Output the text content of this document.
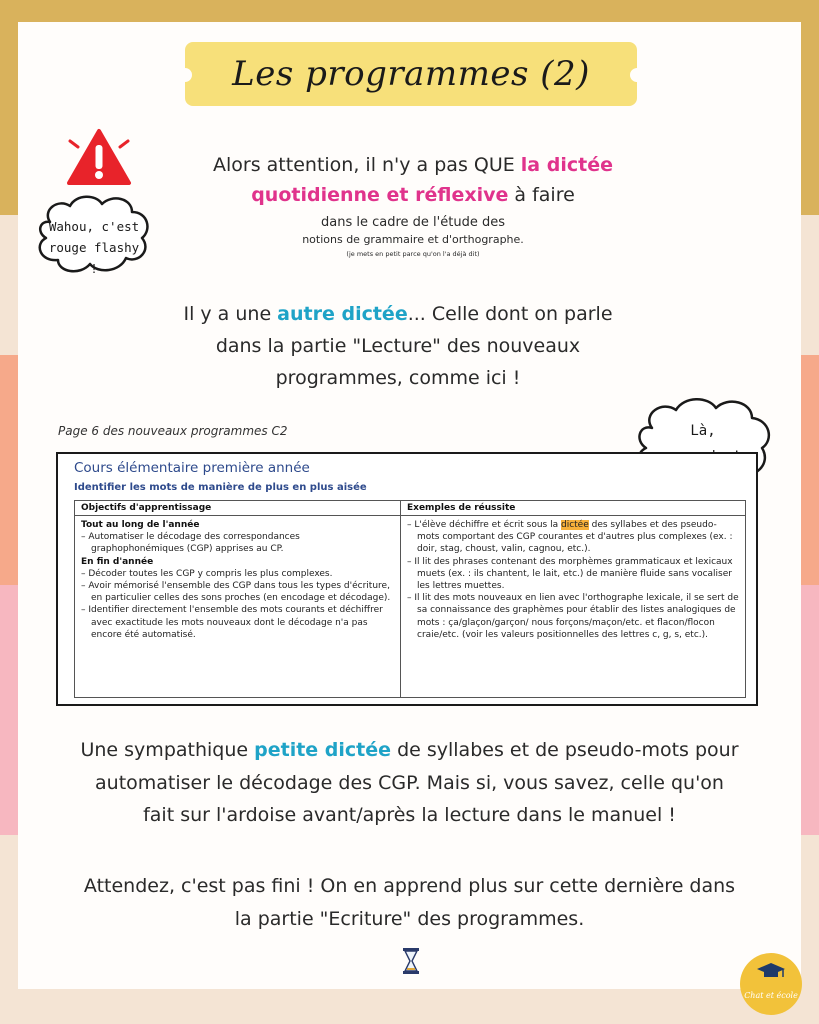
Les programmes (2)
Wahou, c'est
rouge flashy !
Alors attention, il n'y a pas QUE la dictée quotidienne et réflexive à faire
dans le cadre de l'étude des
notions de grammaire et d'orthographe.
(je mets en petit parce qu'on l'a déjà dit)
Il y a une autre dictée... Celle dont on parle dans la partie "Lecture" des nouveaux programmes, comme ici !
Page 6 des nouveaux programmes C2	Là,
Cours élémentaire première année
Identifier les mots de manière de plus en plus aisée
Objectifs d'apprentissage
Tout au long de l'année
– Automatiser le décodage des correspondances graphophonémiques (CGP) apprises au CP.
En fin d'année
– Décoder toutes les CGP y compris les plus complexes.
– Avoir mémorisé l'ensemble des CGP dans tous les types d'écriture, en particulier celles des sons proches (en encodage et décodage).
– Identifier directement l'ensemble des mots courants et déchiffrer avec exactitude les mots nouveaux dont le décodage n'a pas encore été automatisé.
Exemples de réussite
– L'élève déchiffre et écrit sous la dictée des syllabes et des pseudo-mots comportant des CGP courantes et d'autres plus complexes (ex. : doir, stag, choust, valin, cagnou, etc.).
– Il lit des phrases contenant des morphèmes grammaticaux et lexicaux muets (ex. : ils chantent, le lait, etc.) de manière fluide sans vocaliser les lettres muettes.
– Il lit des mots nouveaux en lien avec l'orthographe lexicale, il se sert de sa connaissance des graphèmes pour établir des listes analogiques de mots : ça/glaçon/garçon/ nous forçons/maçon/etc. et flacon/flocon craie/etc. (voir les valeurs positionnelles des lettres c, g, s, etc.).
Une sympathique petite dictée de syllabes et de pseudo-mots pour automatiser le décodage des CGP. Mais si, vous savez, celle qu'on fait sur l'ardoise avant/après la lecture dans le manuel !
Attendez, c'est pas fini ! On en apprend plus sur cette dernière dans la partie "Ecriture" des programmes.
Chat et école
